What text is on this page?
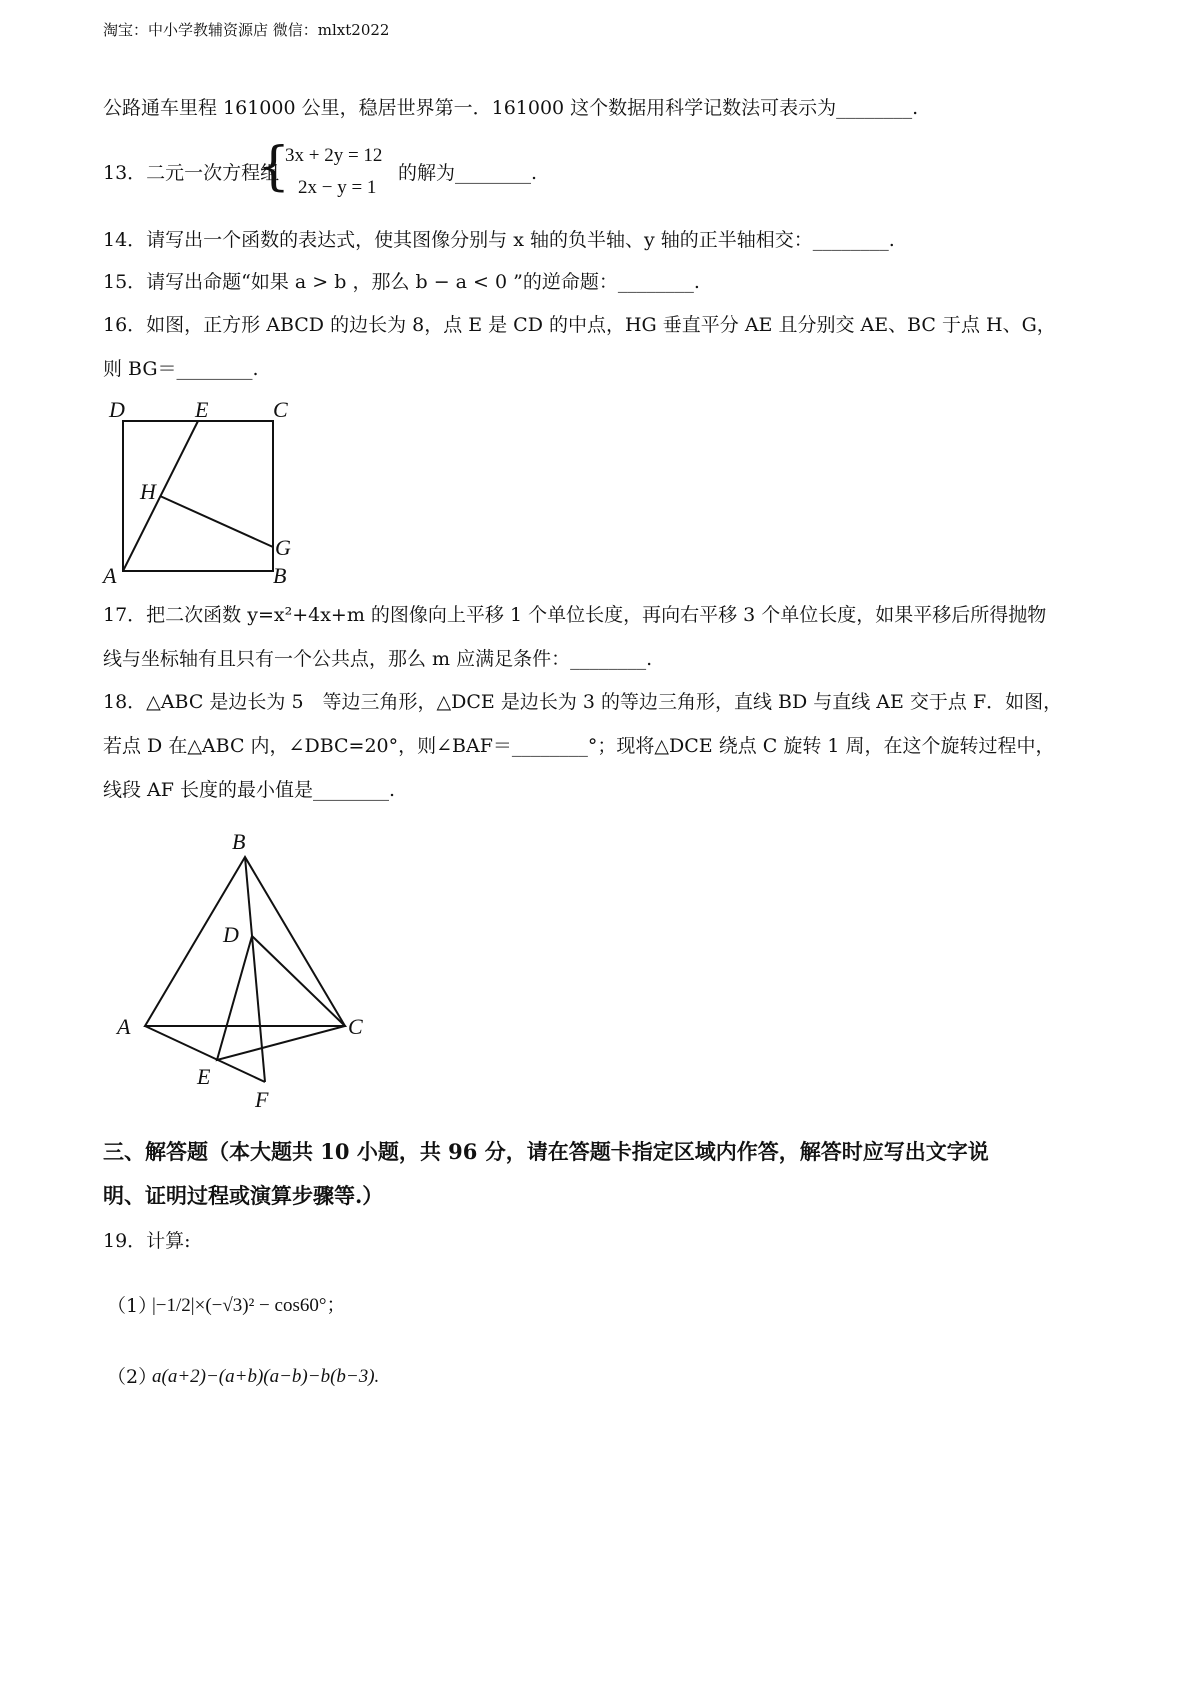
淘宝：中小学教辅资源店 微信：mlxt2022
公路通车里程 161000 公里，稳居世界第一．161000 这个数据用科学记数法可表示为________.
13．二元一次方程组
{
3x + 2y = 12
2x − y = 1
的解为________.
14．请写出一个函数的表达式，使其图像分别与 x 轴的负半轴、y 轴的正半轴相交：________.
15．请写出命题“如果 a > b ，那么 b − a < 0 ”的逆命题：________.
16．如图，正方形 ABCD 的边长为 8，点 E 是 CD 的中点，HG 垂直平分 AE 且分别交 AE、BC 于点 H、G，
则 BG＝________.
D	E	C
H
G
A	B
17．把二次函数 y=x²+4x+m 的图像向上平移 1 个单位长度，再向右平移 3 个单位长度，如果平移后所得抛物
线与坐标轴有且只有一个公共点，那么 m 应满足条件：________.
18．△ABC 是边长为 5　等边三角形，△DCE 是边长为 3 的等边三角形，直线 BD 与直线 AE 交于点 F．如图，
若点 D 在△ABC 内，∠DBC=20°，则∠BAF＝________°；现将△DCE 绕点 C 旋转 1 周，在这个旋转过程中，
线段 AF 长度的最小值是________.
B
D
A	C
E
F
三、解答题（本大题共 10 小题，共 96 分，请在答题卡指定区域内作答，解答时应写出文字说
明、证明过程或演算步骤等.）
19．计算:
（1）
|−1/2|×(−√3)² − cos60°；
（2）
a(a+2)−(a+b)(a−b)−b(b−3).
